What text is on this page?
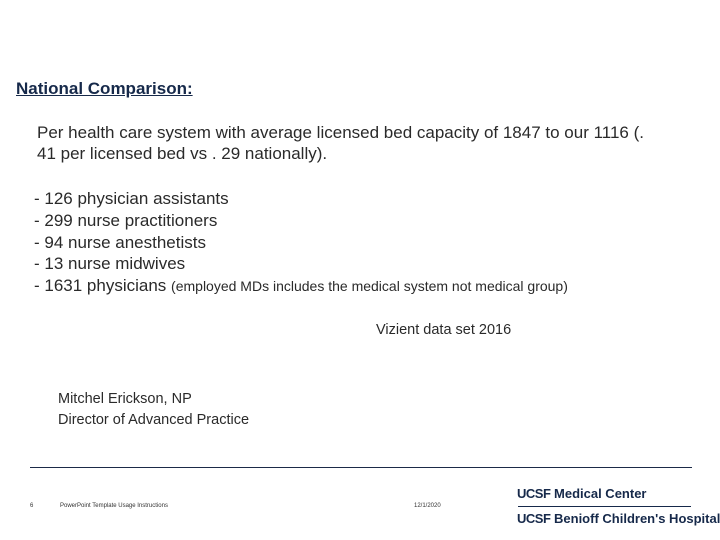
National Comparison:
Per health care system with average licensed bed capacity of 1847 to our 1116 (. 41 per licensed bed vs . 29 nationally).
- 126 physician assistants
- 299 nurse practitioners
- 94 nurse anesthetists
- 13 nurse midwives
- 1631 physicians (employed MDs includes the medical system not medical group)
Vizient data set 2016
Mitchel Erickson, NP
Director of Advanced Practice
6	PowerPoint Template Usage Instructions	12/1/2020
UCSF Medical Center
UCSF Benioff Children's Hospital
